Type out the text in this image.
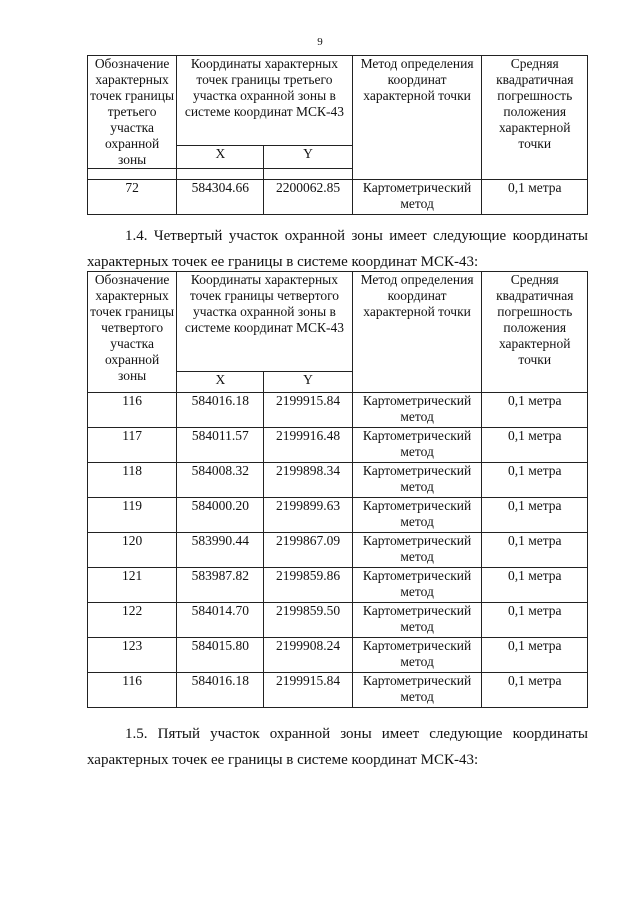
9
Обозначение характерных точек границы третьего участка охранной зоны	Координаты характерных точек границы третьего участка охранной зоны в системе координат МСК-43		Метод определения координат характерной точки	Средняя квадратичная погрешность положения характерной точки
	X	Y		

72	584304.66	2200062.85	Картометрический метод	0,1 метра
1.4. Четвертый участок охранной зоны имеет следующие координаты характерных точек ее границы в системе координат МСК-43:
Обозначение характерных точек границы четвертого участка охранной зоны	Координаты характерных точек границы четвертого участка охранной зоны в системе координат МСК-43		Метод определения координат характерной точки	Средняя квадратичная погрешность положения характерной точки
	X	Y		
116	584016.18	2199915.84	Картометрический метод	0,1 метра
117	584011.57	2199916.48	Картометрический метод	0,1 метра
118	584008.32	2199898.34	Картометрический метод	0,1 метра
119	584000.20	2199899.63	Картометрический метод	0,1 метра
120	583990.44	2199867.09	Картометрический метод	0,1 метра
121	583987.82	2199859.86	Картометрический метод	0,1 метра
122	584014.70	2199859.50	Картометрический метод	0,1 метра
123	584015.80	2199908.24	Картометрический метод	0,1 метра
116	584016.18	2199915.84	Картометрический метод	0,1 метра
1.5. Пятый участок охранной зоны имеет следующие координаты характерных точек ее границы в системе координат МСК-43:
